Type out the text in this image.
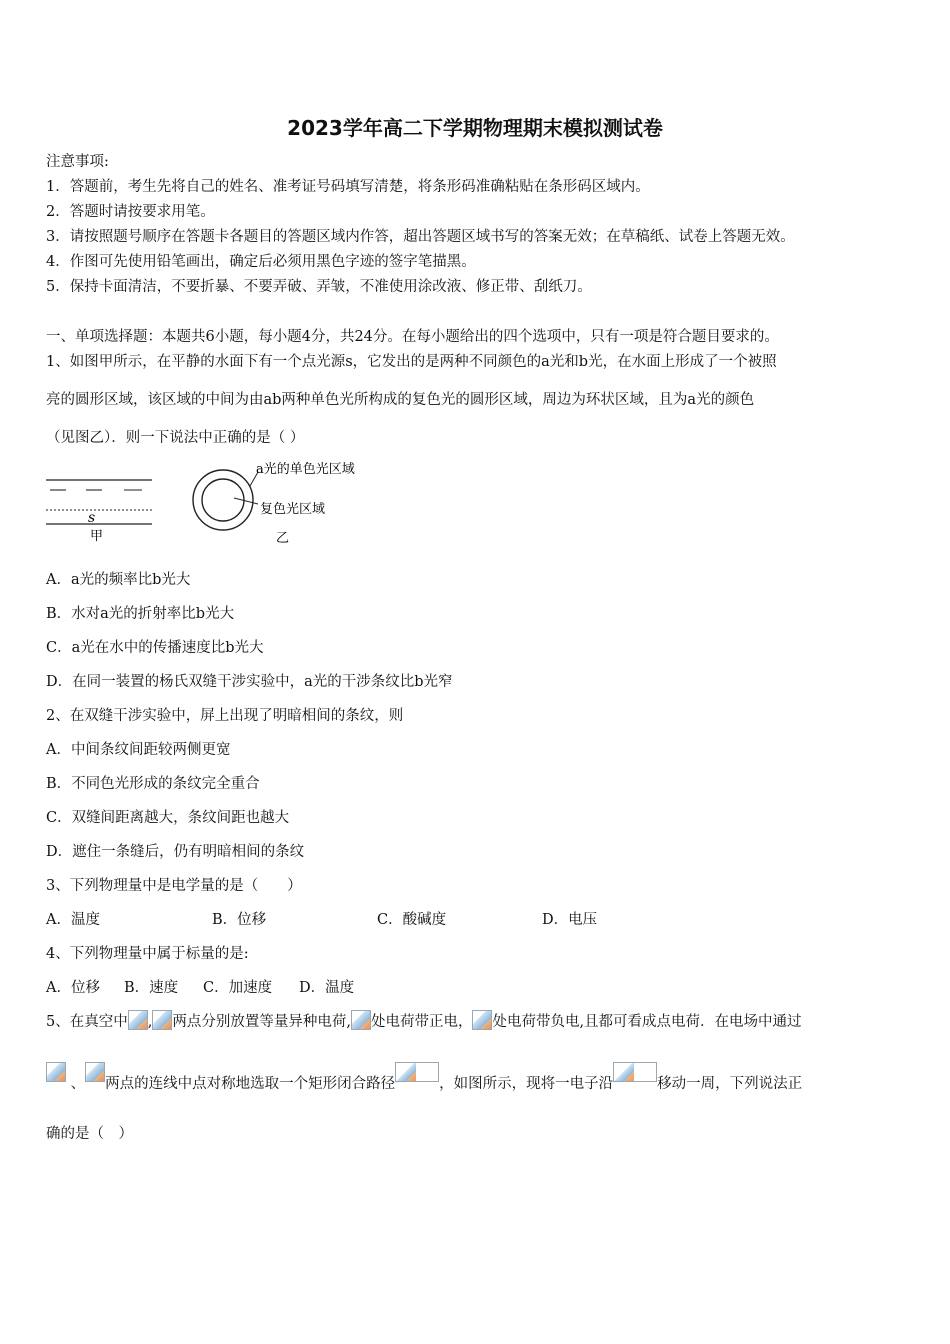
2023学年高二下学期物理期末模拟测试卷
注意事项:
1．答题前，考生先将自己的姓名、准考证号码填写清楚，将条形码准确粘贴在条形码区域内。
2．答题时请按要求用笔。
3．请按照题号顺序在答题卡各题目的答题区域内作答，超出答题区域书写的答案无效；在草稿纸、试卷上答题无效。
4．作图可先使用铅笔画出，确定后必须用黑色字迹的签字笔描黑。
5．保持卡面清洁，不要折暴、不要弄破、弄皱，不准使用涂改液、修正带、刮纸刀。
一、单项选择题：本题共6小题，每小题4分，共24分。在每小题给出的四个选项中，只有一项是符合题目要求的。
1、如图甲所示，在平静的水面下有一个点光源s，它发出的是两种不同颜色的a光和b光，在水面上形成了一个被照
亮的圆形区域，该区域的中间为由ab两种单色光所构成的复色光的圆形区域，周边为环状区域，且为a光的颜色
（见图乙）．则一下说法中正确的是（ ）
s
甲
a光的单色光区域
复色光区域
乙
A．a光的频率比b光大
B．水对a光的折射率比b光大
C．a光在水中的传播速度比b光大
D．在同一装置的杨氏双缝干涉实验中，a光的干涉条纹比b光窄
2、在双缝干涉实验中，屏上出现了明暗相间的条纹，则
A．中间条纹间距较两侧更宽
B．不同色光形成的条纹完全重合
C．双缝间距离越大，条纹间距也越大
D．遮住一条缝后，仍有明暗相间的条纹
3、下列物理量中是电学量的是（　　）
A．温度	B．位移	C．酸碱度	D．电压
4、下列物理量中属于标量的是:
A．位移 B．速度 C．加速度 D．温度
5、在真空中 , 两点分别放置等量异种电荷, 处电荷带正电， 处电荷带负电,且都可看成点电荷．在电场中通过
、 两点的连线中点对称地选取一个矩形闭合路径	，如图所示，现将一电子沿	移动一周，下列说法正
确的是（　）
